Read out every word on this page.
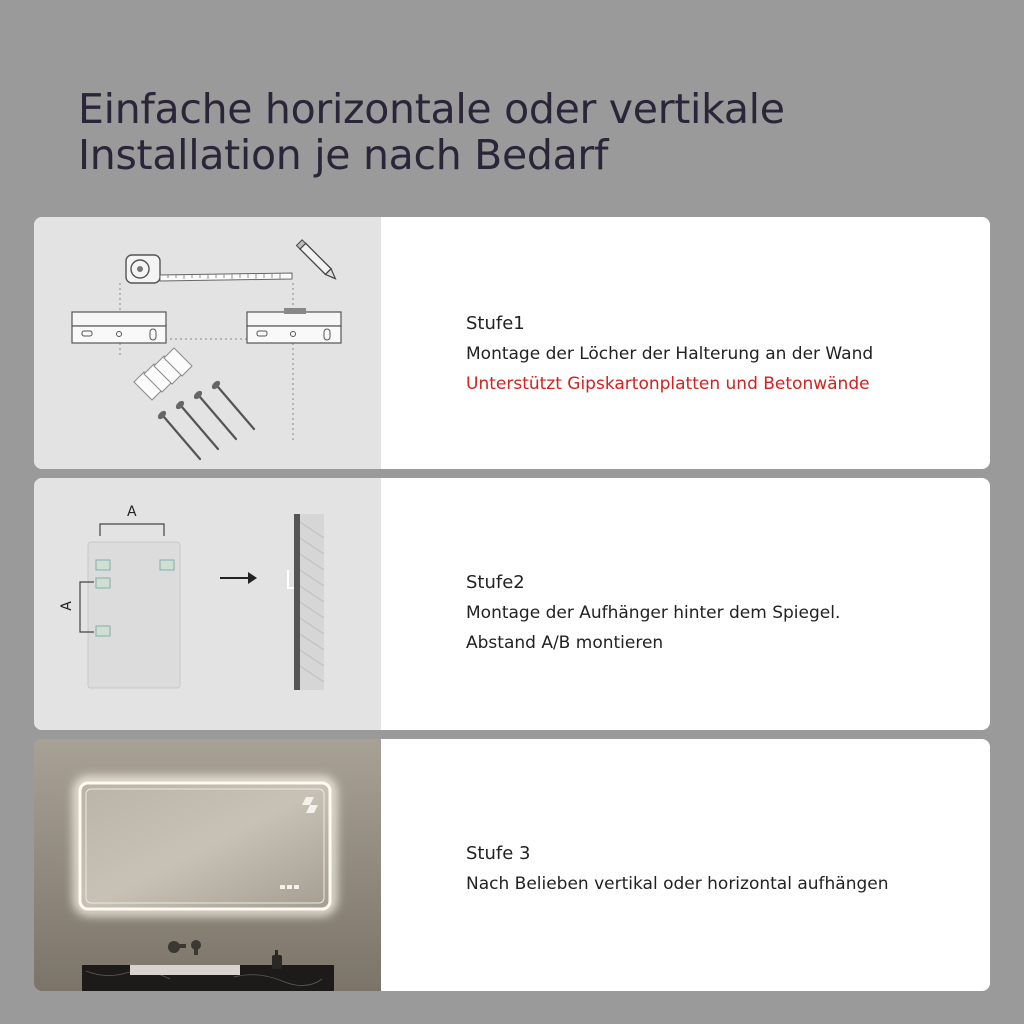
Einfache horizontale oder vertikale
Installation je nach Bedarf
Stufe1
Montage der Löcher der Halterung an der Wand
Unterstützt Gipskartonplatten und Betonwände
A
A
Stufe2
Montage der Aufhänger hinter dem Spiegel.
Abstand A/B montieren
Stufe 3
Nach Belieben vertikal oder horizontal aufhängen
